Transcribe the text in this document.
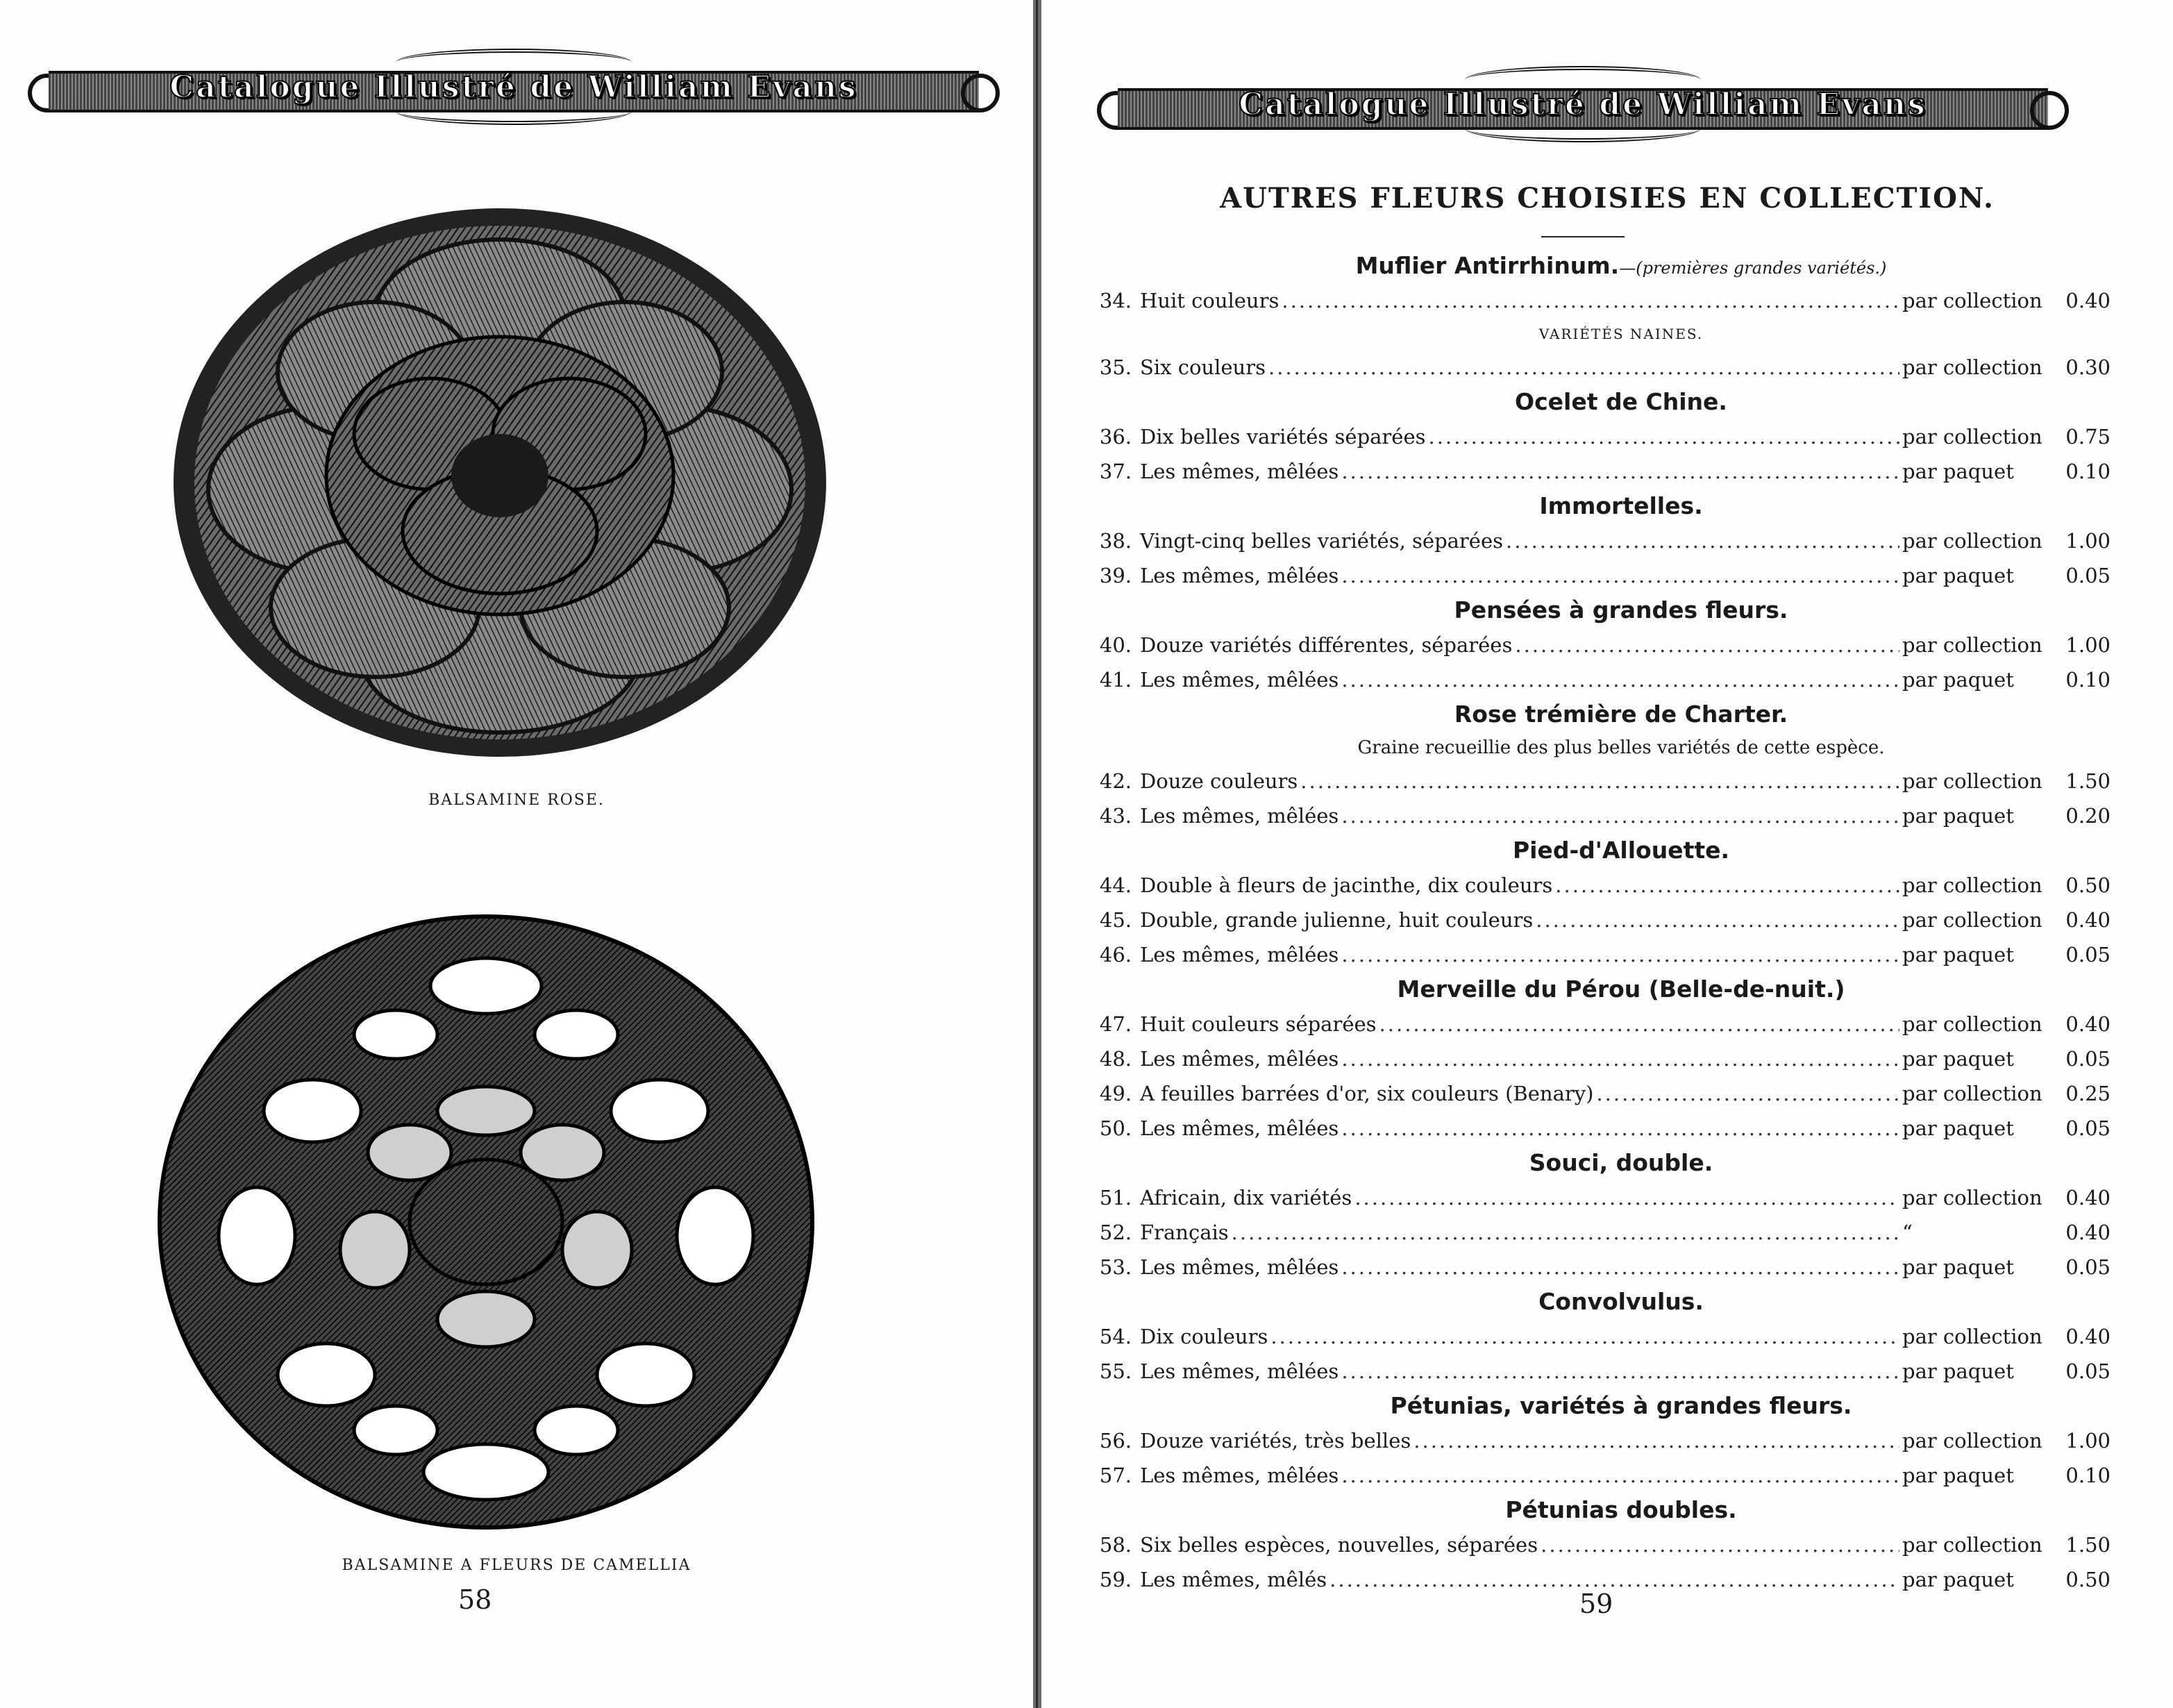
Catalogue Illustré de William Evans
BALSAMINE ROSE.
BALSAMINE A FLEURS DE CAMELLIA
58
Catalogue Illustré de William Evans
AUTRES FLEURS CHOISIES EN COLLECTION.
Muflier Antirrhinum.—(premières grandes variétés.)
34. Huit couleurs .....	par collection	0.40
VARIÉTÉS NAINES.
35. Six couleurs .....	par collection	0.30
Ocelet de Chine.
36. Dix belles variétés séparées .....	par collection	0.75
37. Les mêmes, mêlées .....	par paquet	0.10
Immortelles.
38. Vingt-cinq belles variétés, séparées .....	par collection	1.00
39. Les mêmes, mêlées .....	par paquet	0.05
Pensées à grandes fleurs.
40. Douze variétés différentes, séparées .....	par collection	1.00
41. Les mêmes, mêlées .....	par paquet	0.10
Rose trémière de Charter.
Graine recueillie des plus belles variétés de cette espèce.
42. Douze couleurs .....	par collection	1.50
43. Les mêmes, mêlées .....	par paquet	0.20
Pied-d'Allouette.
44. Double à fleurs de jacinthe, dix couleurs .....	par collection	0.50
45. Double, grande julienne, huit couleurs .....	par collection	0.40
46. Les mêmes, mêlées .....	par paquet	0.05
Merveille du Pérou (Belle-de-nuit.)
47. Huit couleurs séparées .....	par collection	0.40
48. Les mêmes, mêlées .....	par paquet	0.05
49. A feuilles barrées d'or, six couleurs (Benary) .....	par collection	0.25
50. Les mêmes, mêlées .....	par paquet	0.05
Souci, double.
51. Africain, dix variétés .....	par collection	0.40
52. Français .....	“	0.40
53. Les mêmes, mêlées .....	par paquet	0.05
Convolvulus.
54. Dix couleurs .....	par collection	0.40
55. Les mêmes, mêlées .....	par paquet	0.05
Pétunias, variétés à grandes fleurs.
56. Douze variétés, très belles .....	par collection	1.00
57. Les mêmes, mêlées .....	par paquet	0.10
Pétunias doubles.
58. Six belles espèces, nouvelles, séparées .....	par collection	1.50
59. Les mêmes, mêlés .....	par paquet	0.50
59
